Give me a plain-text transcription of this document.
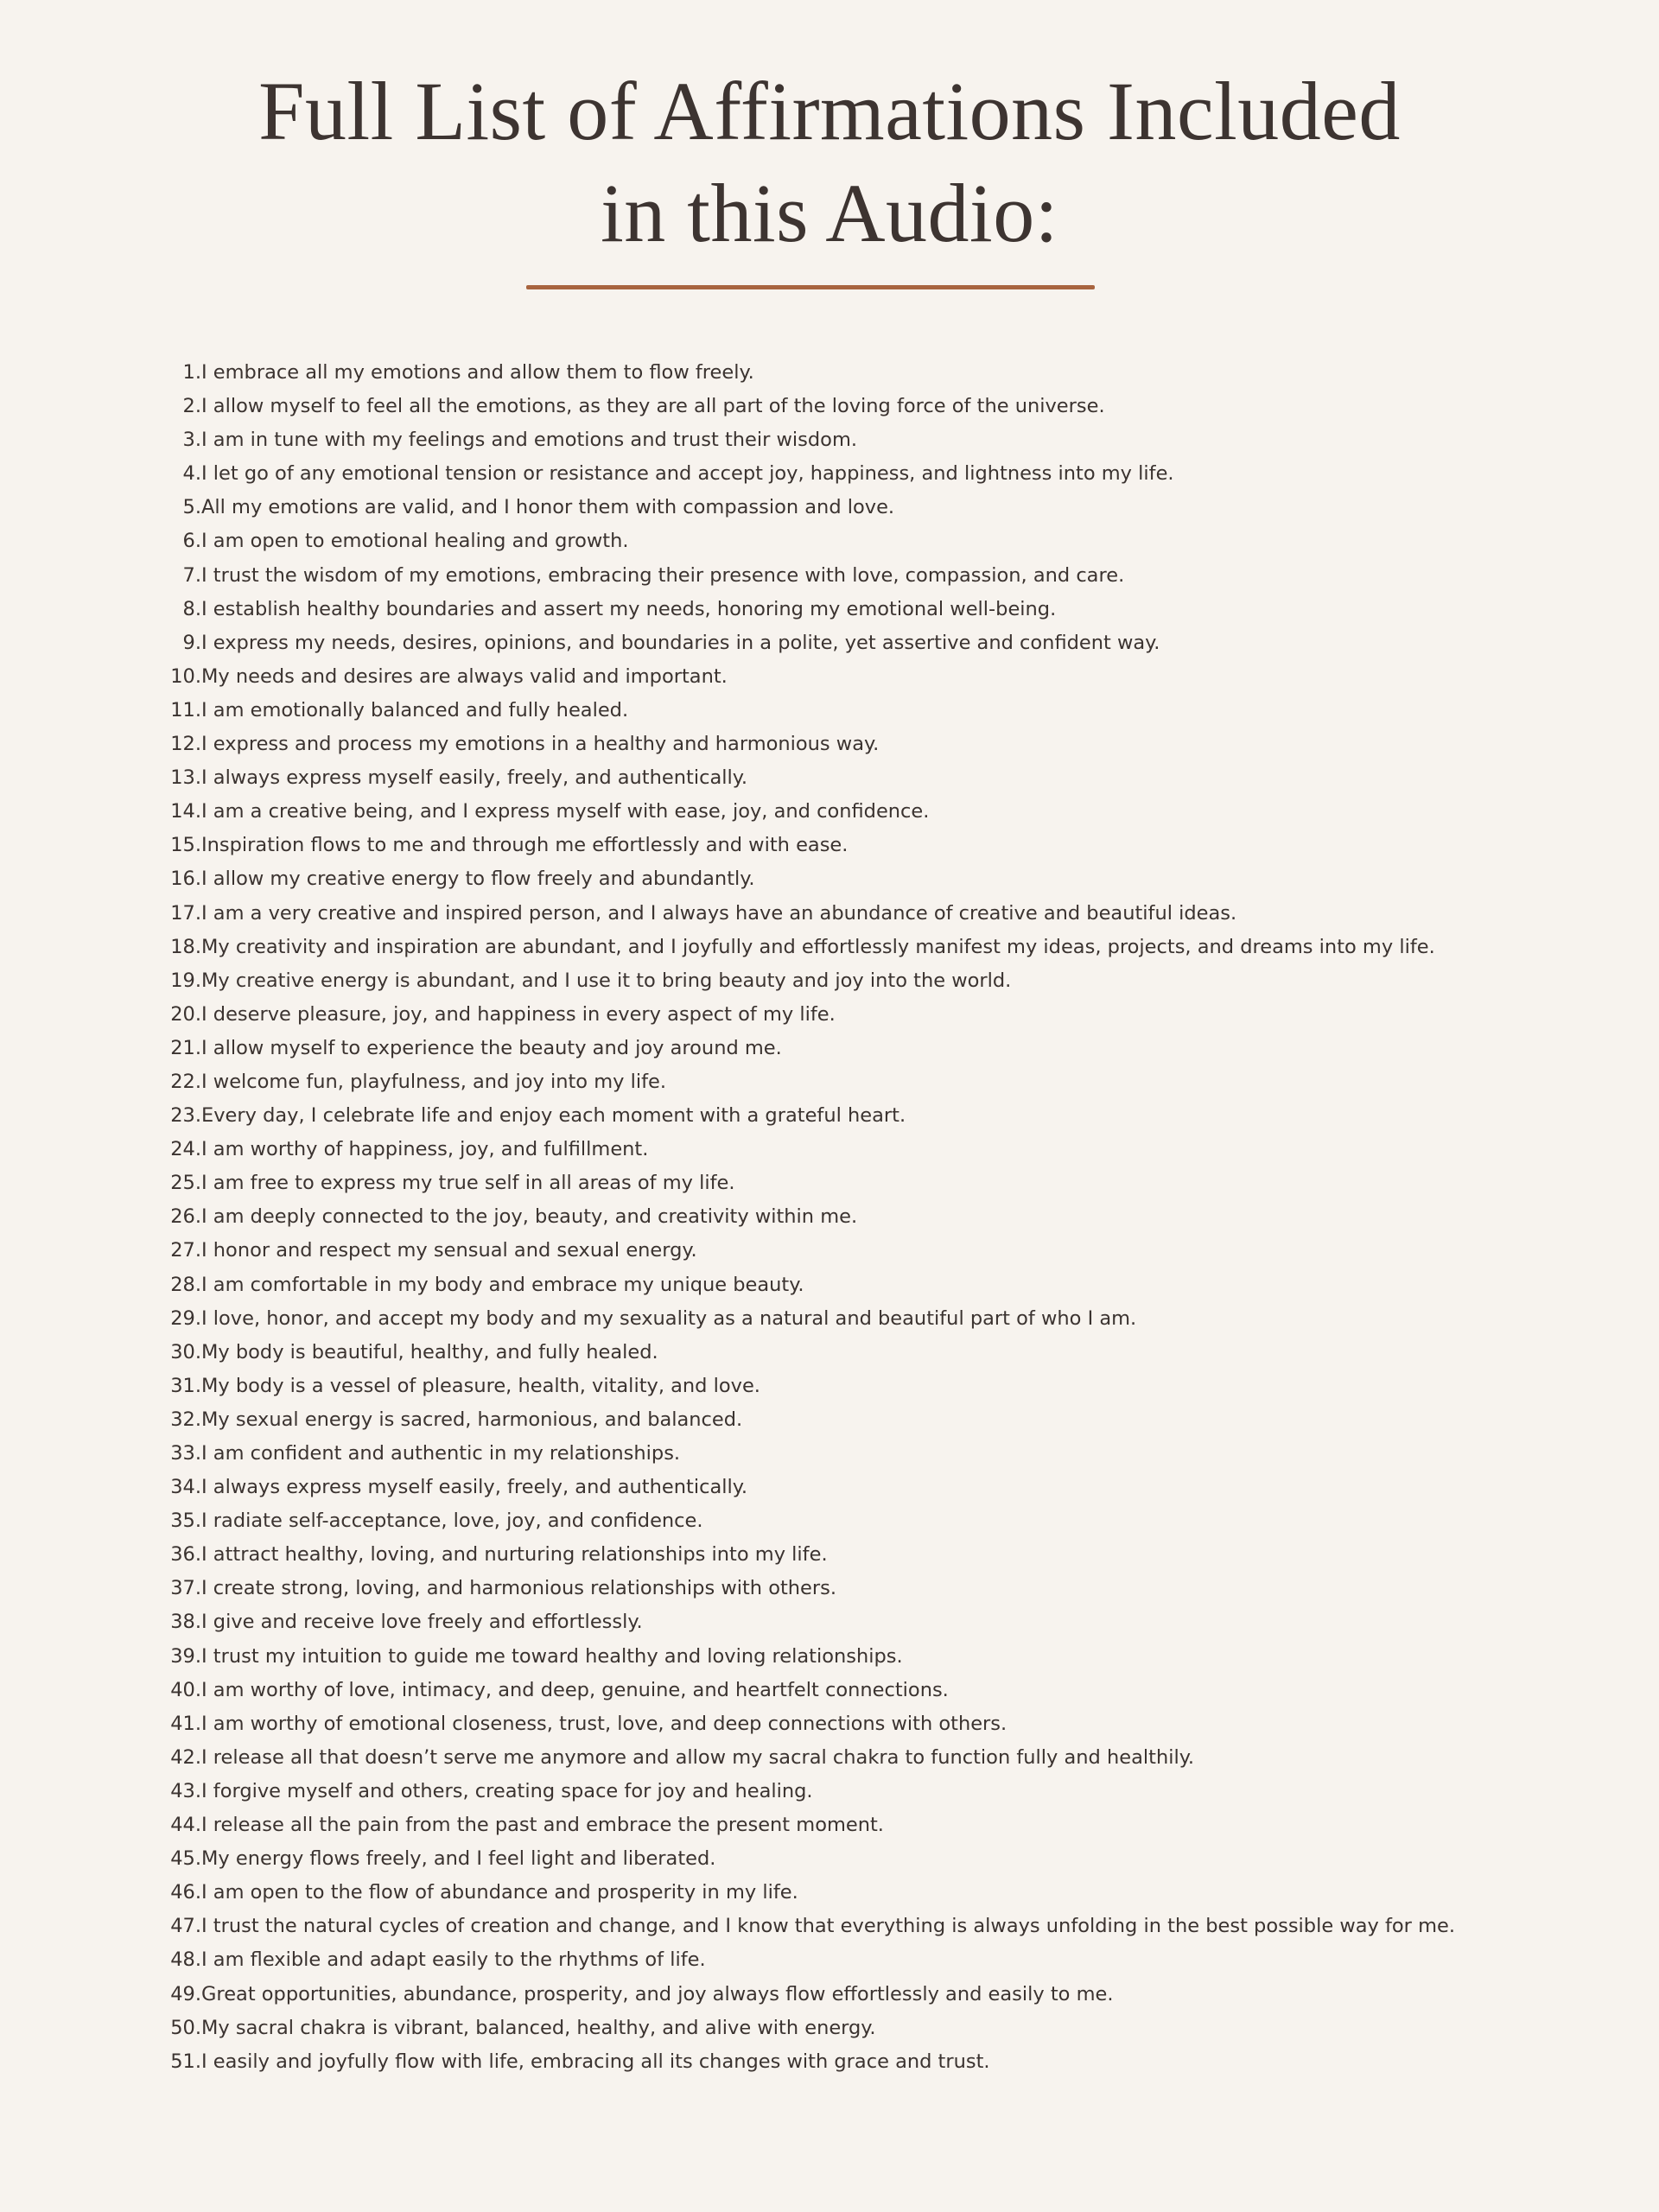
Full List of Affirmations Included
in this Audio:
1.I embrace all my emotions and allow them to flow freely.
2.I allow myself to feel all the emotions, as they are all part of the loving force of the universe.
3.I am in tune with my feelings and emotions and trust their wisdom.
4.I let go of any emotional tension or resistance and accept joy, happiness, and lightness into my life.
5.All my emotions are valid, and I honor them with compassion and love.
6.I am open to emotional healing and growth.
7.I trust the wisdom of my emotions, embracing their presence with love, compassion, and care.
8.I establish healthy boundaries and assert my needs, honoring my emotional well-being.
9.I express my needs, desires, opinions, and boundaries in a polite, yet assertive and confident way.
10.My needs and desires are always valid and important.
11.I am emotionally balanced and fully healed.
12.I express and process my emotions in a healthy and harmonious way.
13.I always express myself easily, freely, and authentically.
14.I am a creative being, and I express myself with ease, joy, and confidence.
15.Inspiration flows to me and through me effortlessly and with ease.
16.I allow my creative energy to flow freely and abundantly.
17.I am a very creative and inspired person, and I always have an abundance of creative and beautiful ideas.
18.My creativity and inspiration are abundant, and I joyfully and effortlessly manifest my ideas, projects, and dreams into my life.
19.My creative energy is abundant, and I use it to bring beauty and joy into the world.
20.I deserve pleasure, joy, and happiness in every aspect of my life.
21.I allow myself to experience the beauty and joy around me.
22.I welcome fun, playfulness, and joy into my life.
23.Every day, I celebrate life and enjoy each moment with a grateful heart.
24.I am worthy of happiness, joy, and fulfillment.
25.I am free to express my true self in all areas of my life.
26.I am deeply connected to the joy, beauty, and creativity within me.
27.I honor and respect my sensual and sexual energy.
28.I am comfortable in my body and embrace my unique beauty.
29.I love, honor, and accept my body and my sexuality as a natural and beautiful part of who I am.
30.My body is beautiful, healthy, and fully healed.
31.My body is a vessel of pleasure, health, vitality, and love.
32.My sexual energy is sacred, harmonious, and balanced.
33.I am confident and authentic in my relationships.
34.I always express myself easily, freely, and authentically.
35.I radiate self-acceptance, love, joy, and confidence.
36.I attract healthy, loving, and nurturing relationships into my life.
37.I create strong, loving, and harmonious relationships with others.
38.I give and receive love freely and effortlessly.
39.I trust my intuition to guide me toward healthy and loving relationships.
40.I am worthy of love, intimacy, and deep, genuine, and heartfelt connections.
41.I am worthy of emotional closeness, trust, love, and deep connections with others.
42.I release all that doesn’t serve me anymore and allow my sacral chakra to function fully and healthily.
43.I forgive myself and others, creating space for joy and healing.
44.I release all the pain from the past and embrace the present moment.
45.My energy flows freely, and I feel light and liberated.
46.I am open to the flow of abundance and prosperity in my life.
47.I trust the natural cycles of creation and change, and I know that everything is always unfolding in the best possible way for me.
48.I am flexible and adapt easily to the rhythms of life.
49.Great opportunities, abundance, prosperity, and joy always flow effortlessly and easily to me.
50.My sacral chakra is vibrant, balanced, healthy, and alive with energy.
51.I easily and joyfully flow with life, embracing all its changes with grace and trust.
